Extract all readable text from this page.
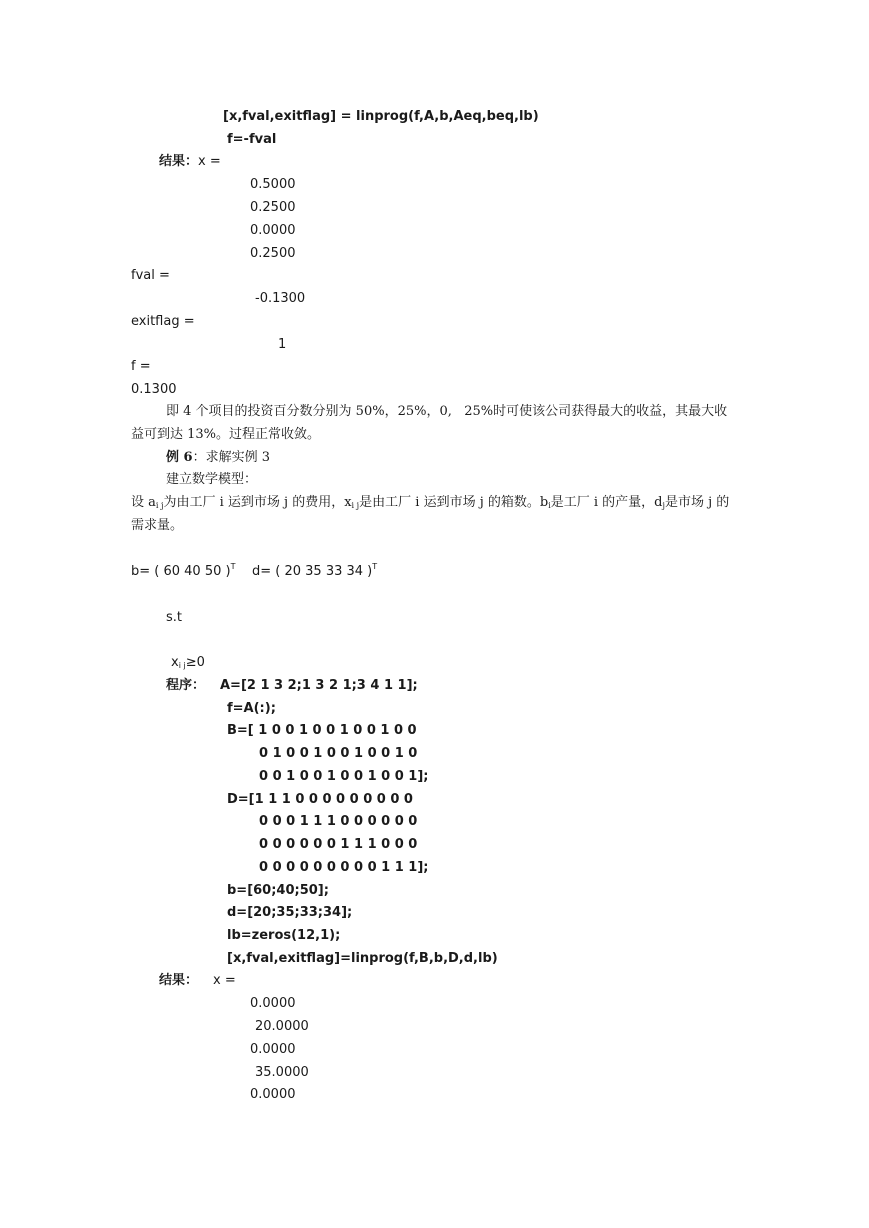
[x,fval,exitflag] = linprog(f,A,b,Aeq,beq,lb)
f=-fval
结果：x =
0.5000
0.2500
0.0000
0.2500
fval =
-0.1300
exitflag =
1
f =
0.1300
即 4 个项目的投资百分数分别为 50%，25%，0,   25%时可使该公司获得最大的收益，其最大收
益可到达 13%。过程正常收敛。
例 6：求解实例 3
建立数学模型：
设 $a_{i j}$为由工厂 i 运到市场 j 的费用，$x_{i j}$是由工厂 i 运到市场 j 的箱数。$b_i$是工厂 i 的产量，$d_j$是市场 j 的
需求量。
b= ( 60 40 50 )$^T$ d= ( 20 35 33 34 )$^T$
s.t
$x_{i j}\ge 0$
程序： A=[2 1 3 2;1 3 2 1;3 4 1 1];
f=A(:);
B=[ 1 0 0 1 0 0 1 0 0 1 0 0
0 1 0 0 1 0 0 1 0 0 1 0
0 0 1 0 0 1 0 0 1 0 0 1];
D=[1 1 1 0 0 0 0 0 0 0 0 0
0 0 0 1 1 1 0 0 0 0 0 0
0 0 0 0 0 0 1 1 1 0 0 0
0 0 0 0 0 0 0 0 0 1 1 1];
b=[60;40;50];
d=[20;35;33;34];
lb=zeros(12,1);
[x,fval,exitflag]=linprog(f,B,b,D,d,lb)
结果： x =
0.0000
20.0000
0.0000
35.0000
0.0000
